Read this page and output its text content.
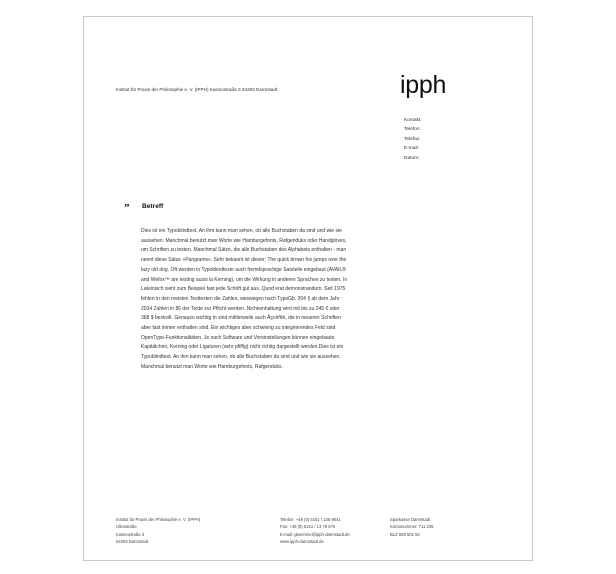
Institut für Praxis der Philosophie e. V. (IPPH) Kasinostraße 3 64293 Darmstadt	ipph
Kontakt:
Telefon:
Telefax:
E-mail:
Datum:
” Betreff
Dies ist ein Typoblindtext. An ihm kann man sehen, ob alle Buchstaben da sind und wie sie
aussehen. Manchmal benutzt man Worte wie Hamburgefonts, Rafgenduks oder Handgloves,
um Schriften zu testen. Manchmal Sätze, die alle Buchstaben des Alphabets enthalten - man
nennt diese Sätze »Pangrams«. Sehr bekannt ist dieser: The quick brown fox jumps over the
lazy old dog. Oft werden in Typoblindtexte auch fremdsprachige Satzteile eingebaut (AVAIL®
and Wefox™ are testing aussi la Kerning), um die Wirkung in anderen Sprachen zu testen. In
Lateinisch sieht zum Beispiel fast jede Schrift gut aus. Quod erat demonstrandum. Seit 1975
fehlen in den meisten Testtexten die Zahlen, weswegen nach TypoGb. 204 § ab dem Jahr
2034 Zahlen in 86 der Texte zur Pflicht werden. Nichteinhaltung wird mit bis zu 245 € oder
368 $ bestraft. Genauso wichtig in sind mittlerweile auch Âçcèñtè, die in neueren Schriften
aber fast immer enthalten sind. Ein wichtiges aber schwierig zu integrierendes Feld sind
OpenType-Funktionalitäten. Je nach Software und Voreinstellungen können eingebaute
Kapitälchen, Kerning oder Ligaturen (sehr pfiffig) nicht richtig dargestellt werden.Dies ist ein
Typoblindtext. An ihm kann man sehen, ob alle Buchstaben da sind und wie sie aussehen.
Manchmal benutzt man Worte wie Hamburgefonts, Rafgenduks.
Institut für Praxis der Philosophie e. V. (IPPH)
Ultrastraße
Kasinostraße 3
64293 Darmstadt
Telefon: +49 (0) 6151 / 136 8641
Fax: +49 (0) 6151 / 13 79 675
E-mail: gbeehme@ipph-darmstadt.de
www.ipph-darmstadt.de
Sparkasse Darmstadt
Kontonummer: 711 235
BLZ 508 501 50
